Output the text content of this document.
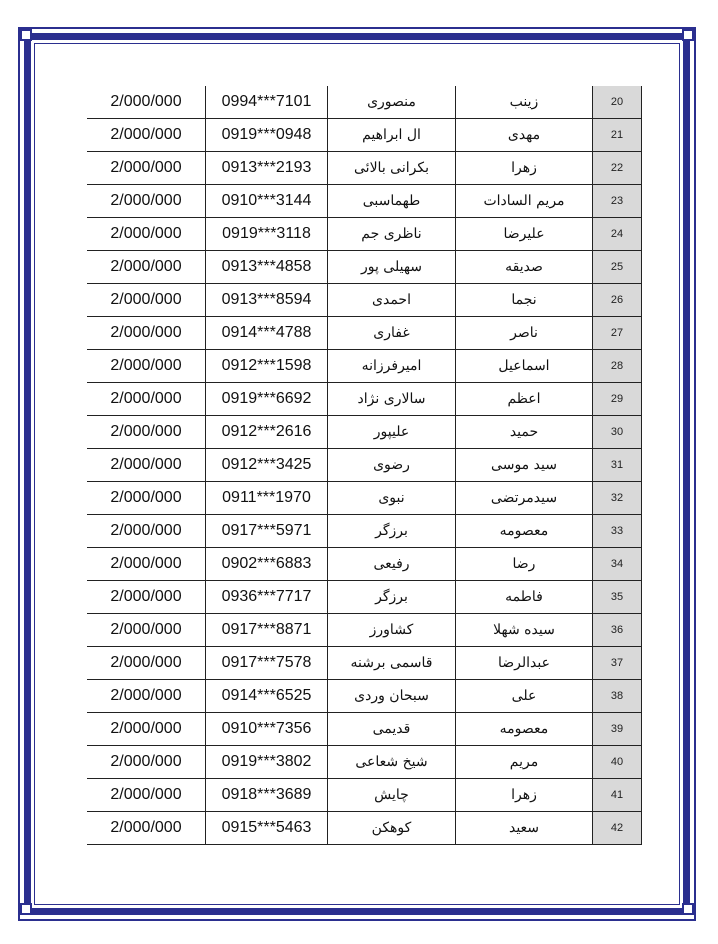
2/000/000	0994***7101	منصوری	زینب	20
2/000/000	0919***0948	ال ابراهیم	مهدی	21
2/000/000	0913***2193	بکرانی بالائی	زهرا	22
2/000/000	0910***3144	طهماسبی	مریم السادات	23
2/000/000	0919***3118	ناظری جم	علیرضا	24
2/000/000	0913***4858	سهیلی پور	صدیقه	25
2/000/000	0913***8594	احمدی	نجما	26
2/000/000	0914***4788	غفاری	ناصر	27
2/000/000	0912***1598	امیرفرزانه	اسماعیل	28
2/000/000	0919***6692	سالاری نژاد	اعظم	29
2/000/000	0912***2616	علیپور	حمید	30
2/000/000	0912***3425	رضوی	سید موسی	31
2/000/000	0911***1970	نبوی	سیدمرتضی	32
2/000/000	0917***5971	برزگر	معصومه	33
2/000/000	0902***6883	رفیعی	رضا	34
2/000/000	0936***7717	برزگر	فاطمه	35
2/000/000	0917***8871	کشاورز	سیده شهلا	36
2/000/000	0917***7578	قاسمی برشنه	عبدالرضا	37
2/000/000	0914***6525	سبحان وردی	علی	38
2/000/000	0910***7356	قدیمی	معصومه	39
2/000/000	0919***3802	شیخ شعاعی	مریم	40
2/000/000	0918***3689	چایش	زهرا	41
2/000/000	0915***5463	کوهکن	سعید	42
